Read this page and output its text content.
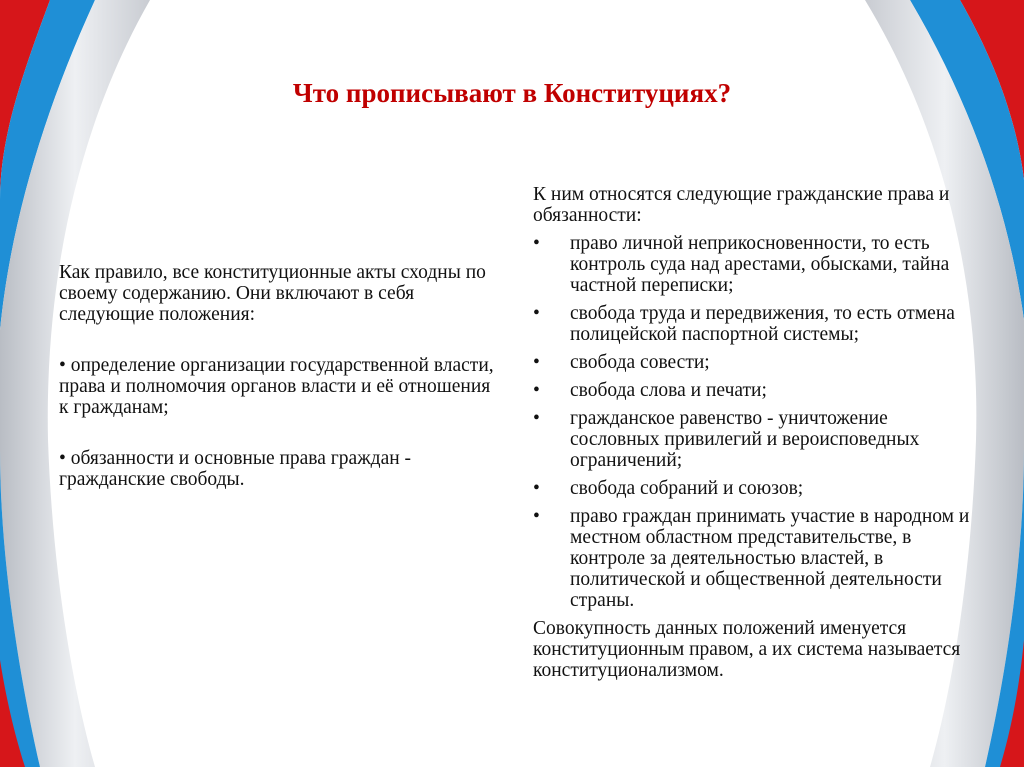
Что прописывают в Конституциях?

Как правило, все конституционные акты сходны по своему содержанию. Они включают в себя следующие положения:

• определение организации государственной власти, права и полномочия органов власти и её отношения к гражданам;

• обязанности и основные права граждан - гражданские свободы.

К ним относятся следующие гражданские права и обязанности:

•	право личной неприкосновенности, то есть контроль суда над арестами, обысками, тайна частной переписки;
•	свобода труда и передвижения, то есть отмена полицейской паспортной системы;
•	свобода совести;
•	свобода слова и печати;
•	гражданское равенство - уничтожение сословных привилегий и вероисповедных ограничений;
•	свобода собраний и союзов;
•	право граждан принимать участие в народном и местном областном представительстве, в контроле за деятельностью властей, в политической и общественной деятельности страны.

Совокупность данных положений именуется конституционным правом, а их система называется конституционализмом.
